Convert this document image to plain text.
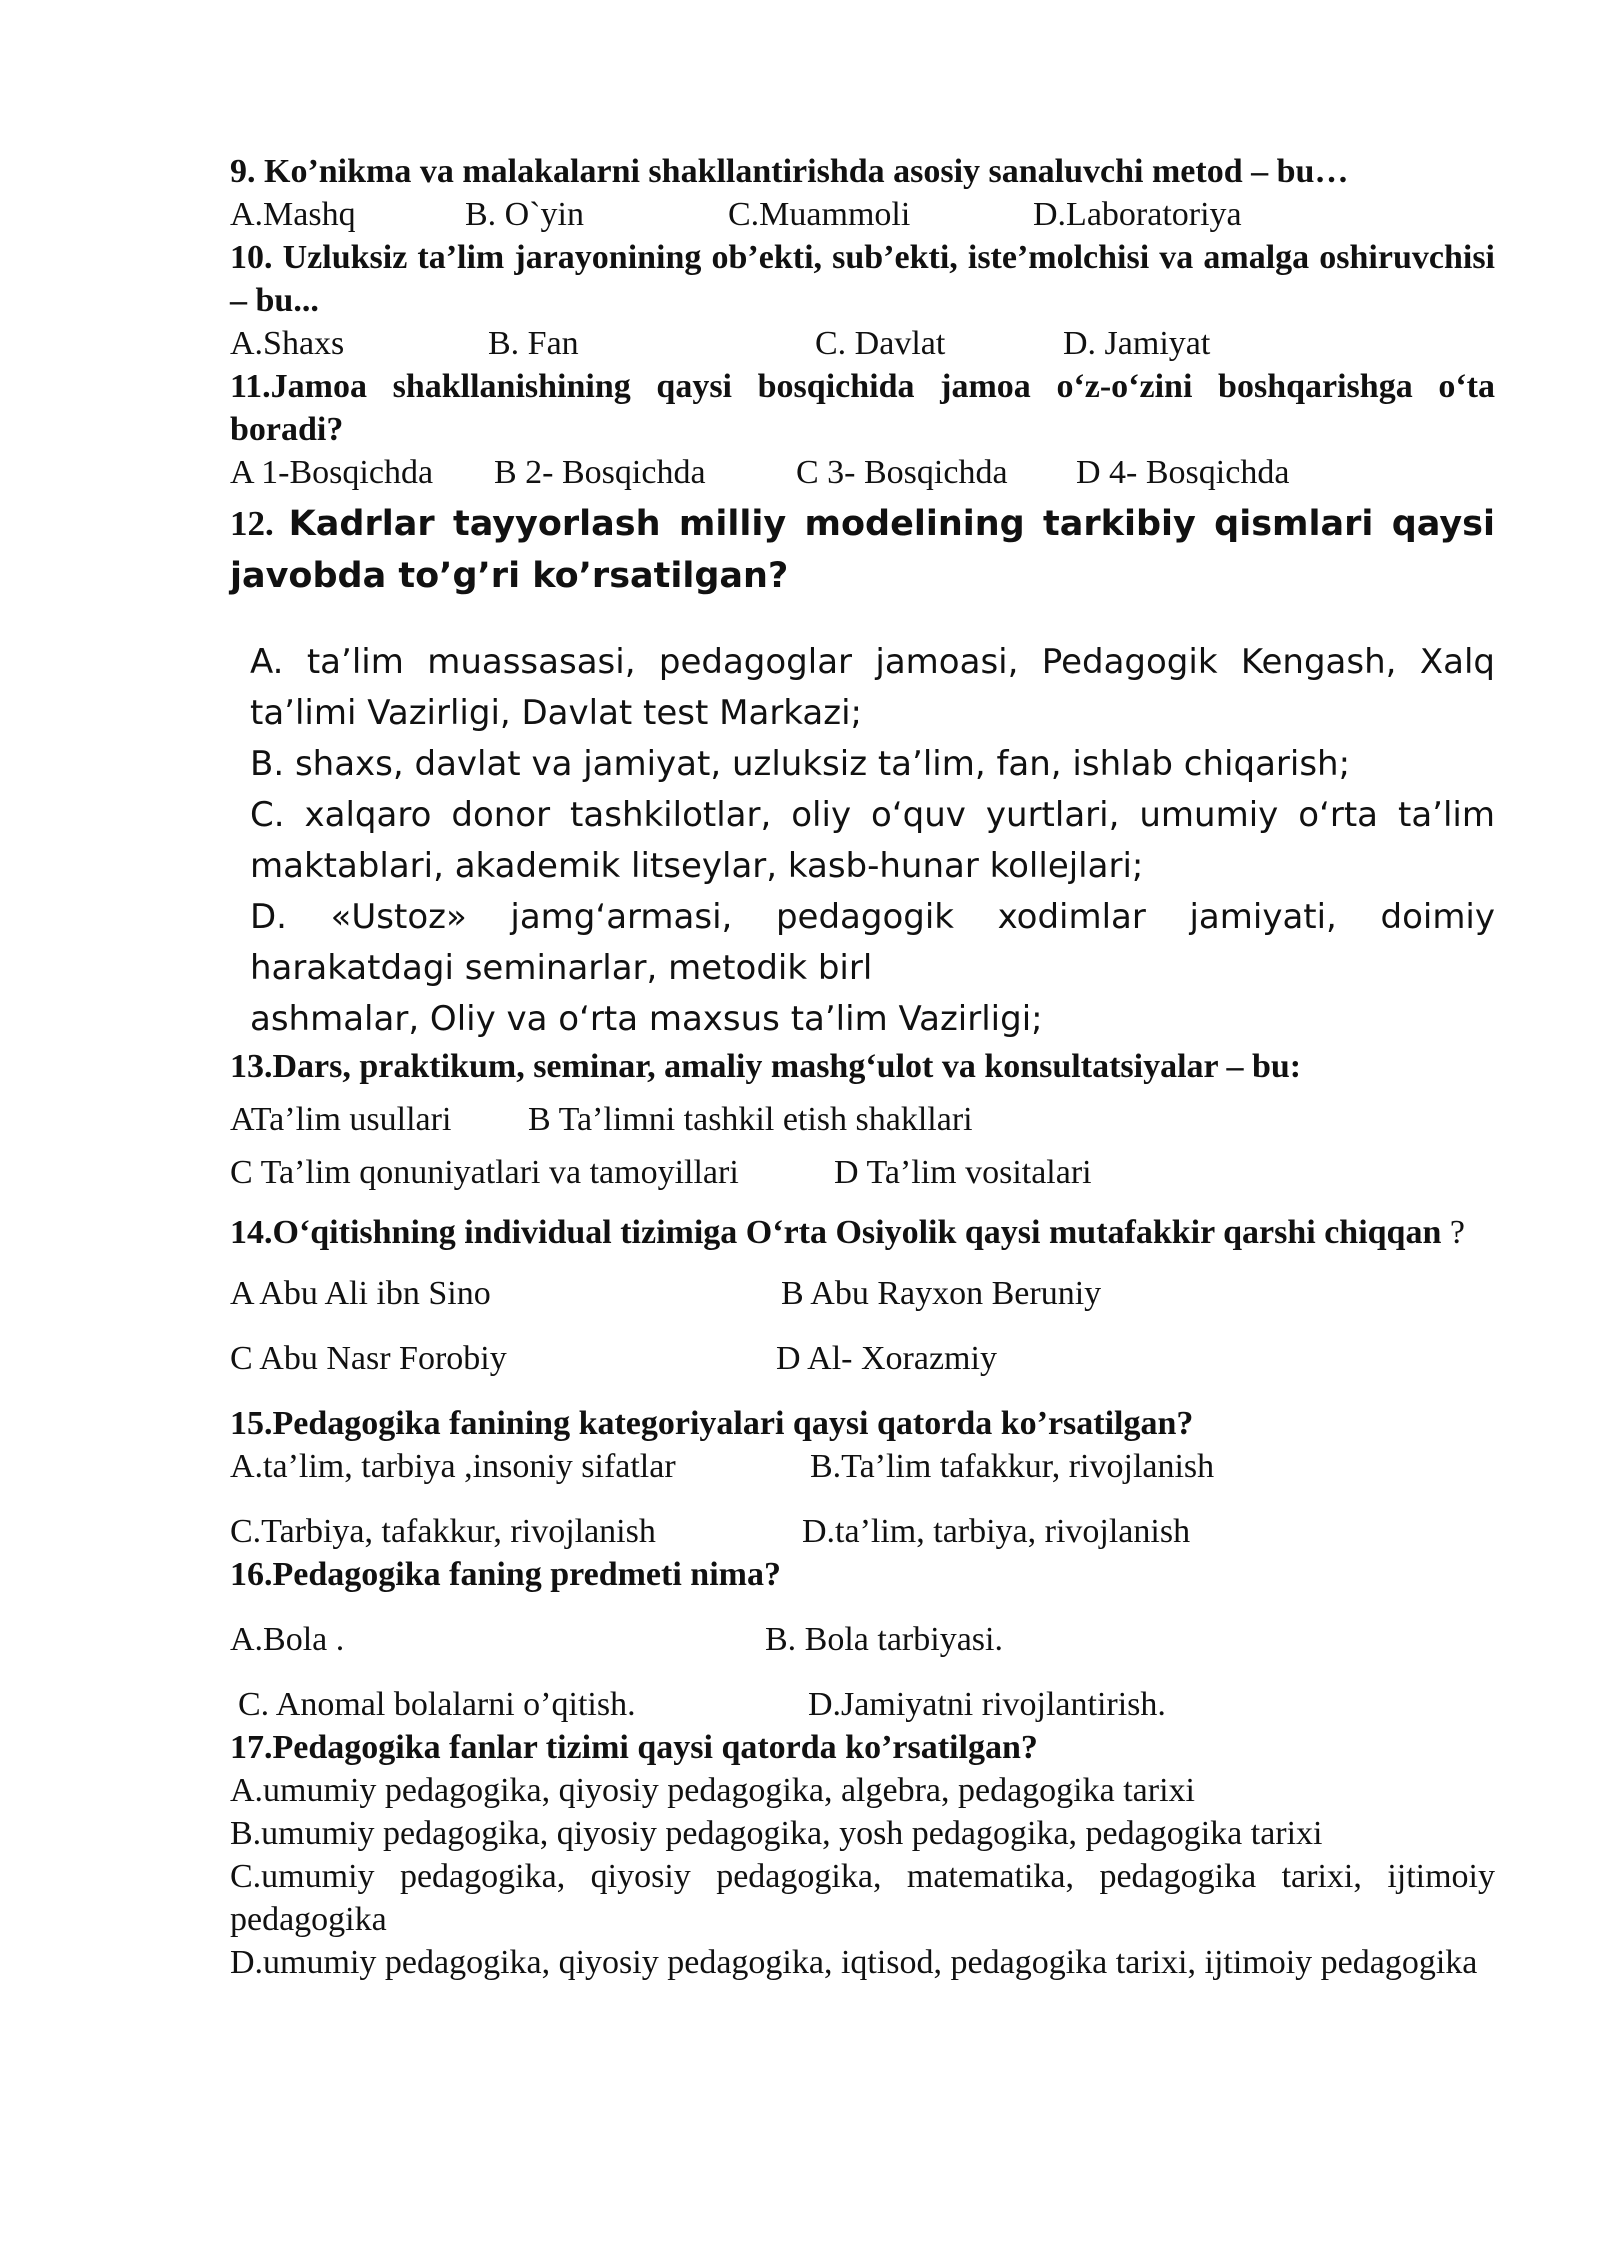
9. Ko’nikma va malakalarni shakllantirishda asosiy sanaluvchi metod – bu…

A.Mashq	B. O`yin	C.Muammoli	D.Laboratoriya

10. Uzluksiz ta’lim jarayonining ob’ekti, sub’ekti, iste’molchisi va amalga oshiruvchisi – bu...

A.Shaxs	B. Fan	C. Davlat	D. Jamiyat

11.Jamoa shakllanishining qaysi bosqichida jamoa o‘z-o‘zini boshqarishga o‘ta boradi?

A 1-Bosqichda	B 2- Bosqichda	C 3- Bosqichda	D 4- Bosqichda

12. Kadrlar tayyorlash milliy modelining tarkibiy qismlari qaysi javobda to’g’ri ko’rsatilgan?

A. ta’lim muassasasi, pedagoglar jamoasi, Pedagogik Kengash, Xalq ta’limi Vazirligi, Davlat test Markazi;

B. shaxs, davlat va jamiyat, uzluksiz ta’lim, fan, ishlab chiqarish;

C. xalqaro donor tashkilotlar, oliy o‘quv yurtlari, umumiy o‘rta ta’lim maktablari, akademik litseylar, kasb-hunar kollejlari;

D. «Ustoz» jamg‘armasi, pedagogik xodimlar jamiyati, doimiy harakatdagi seminarlar, metodik birl

ashmalar, Oliy va o‘rta maxsus ta’lim Vazirligi;

13.Dars, praktikum, seminar, amaliy mashg‘ulot va konsultatsiyalar – bu:

ATa’lim usullari	B Ta’limni tashkil etish shakllari
C Ta’lim qonuniyatlari va tamoyillari	D Ta’lim vositalari

14.O‘qitishning individual tizimiga O‘rta Osiyolik qaysi mutafakkir qarshi chiqqan ?

A Abu Ali ibn Sino	B Abu Rayxon Beruniy
C Abu Nasr Forobiy	D Al- Xorazmiy

15.Pedagogika fanining kategoriyalari qaysi qatorda ko’rsatilgan?

A.ta’lim, tarbiya ,insoniy sifatlar	B.Ta’lim tafakkur, rivojlanish
C.Tarbiya, tafakkur, rivojlanish	D.ta’lim, tarbiya, rivojlanish

16.Pedagogika faning predmeti nima?

A.Bola .	B. Bola tarbiyasi.
C. Anomal bolalarni o’qitish.	D.Jamiyatni rivojlantirish.

17.Pedagogika fanlar tizimi qaysi qatorda ko’rsatilgan?

A.umumiy pedagogika, qiyosiy pedagogika, algebra, pedagogika tarixi

B.umumiy pedagogika, qiyosiy pedagogika, yosh pedagogika, pedagogika tarixi

C.umumiy pedagogika, qiyosiy pedagogika, matematika, pedagogika tarixi, ijtimoiy pedagogika

D.umumiy pedagogika, qiyosiy pedagogika, iqtisod, pedagogika tarixi, ijtimoiy pedagogika
